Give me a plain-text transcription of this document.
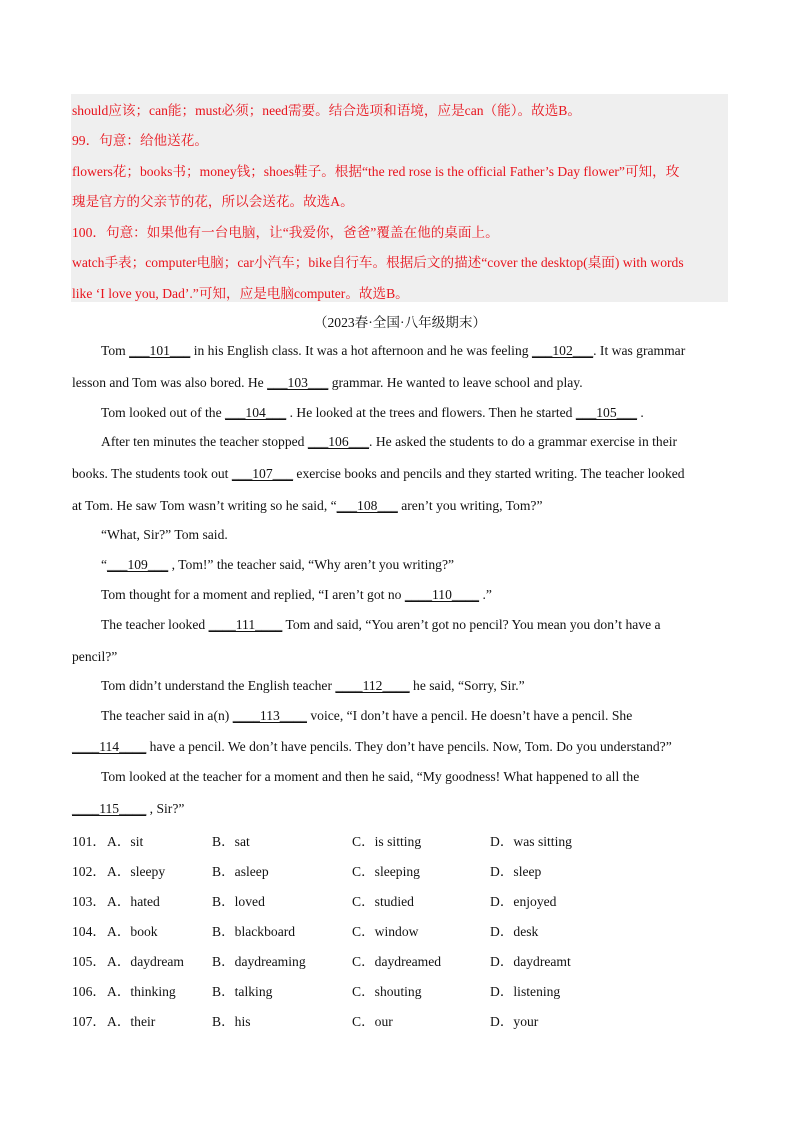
should应该；can能；must必须；need需要。结合选项和语境，应是can（能）。故选B。
99．句意：给他送花。
flowers花；books书；money钱；shoes鞋子。根据“the red rose is the official Father’s Day flower”可知，玫
瑰是官方的父亲节的花，所以会送花。故选A。
100．句意：如果他有一台电脑，让“我爱你，爸爸”覆盖在他的桌面上。
watch手表；computer电脑；car小汽车；bike自行车。根据后文的描述“cover the desktop(桌面) with words
like ‘I love you, Dad’.”可知，应是电脑computer。故选B。
（2023春·全国·八年级期末）
Tom ___101___ in his English class. It was a hot afternoon and he was feeling ___102___. It was grammar
lesson and Tom was also bored. He ___103___ grammar. He wanted to leave school and play.
Tom looked out of the ___104___ . He looked at the trees and flowers. Then he started ___105___ .
After ten minutes the teacher stopped ___106___. He asked the students to do a grammar exercise in their
books. The students took out ___107___ exercise books and pencils and they started writing. The teacher looked
at Tom. He saw Tom wasn’t writing so he said, “___108___ aren’t you writing, Tom?”
“What, Sir?” Tom said.
“___109___ , Tom!” the teacher said, “Why aren’t you writing?”
Tom thought for a moment and replied, “I aren’t got no ____110____ .”
The teacher looked ____111____ Tom and said, “You aren’t got no pencil? You mean you don’t have a
pencil?”
Tom didn’t understand the English teacher ____112____ he said, “Sorry, Sir.”
The teacher said in a(n) ____113____ voice, “I don’t have a pencil. He doesn’t have a pencil. She
____114____ have a pencil. We don’t have pencils. They don’t have pencils. Now, Tom. Do you understand?”
Tom looked at the teacher for a moment and then he said, “My goodness! What happened to all the
____115____ , Sir?”
101． A．sit	B．sat	C．is sitting	D．was sitting
102． A．sleepy	B．asleep	C．sleeping	D．sleep
103． A．hated	B．loved	C．studied	D．enjoyed
104． A．book	B．blackboard	C．window	D．desk
105． A．daydream B．daydreaming	C．daydreamed	D．daydreamt
106． A．thinking	B．talking	C．shouting	D．listening
107． A．their	B．his	C．our	D．your
